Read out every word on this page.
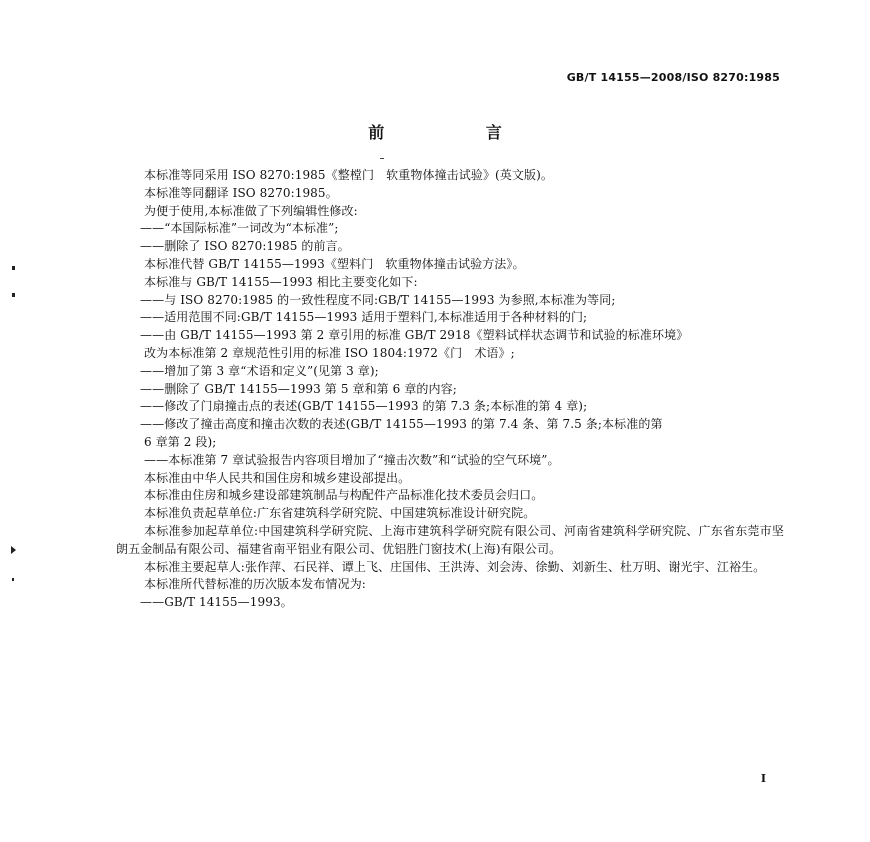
GB/T 14155—2008/ISO 8270:1985
前 言

本标准等同采用 ISO 8270:1985《整樘门　软重物体撞击试验》(英文版)。

本标准等同翻译 ISO 8270:1985。

为便于使用,本标准做了下列编辑性修改:

——“本国际标准”一词改为“本标准”;

——删除了 ISO 8270:1985 的前言。

本标准代替 GB/T 14155—1993《塑料门　软重物体撞击试验方法》。

本标准与 GB/T 14155—1993 相比主要变化如下:

——与 ISO 8270:1985 的一致性程度不同:GB/T 14155—1993 为参照,本标准为等同;

——适用范围不同:GB/T 14155—1993 适用于塑料门,本标准适用于各种材料的门;

——由 GB/T 14155—1993 第 2 章引用的标准 GB/T 2918《塑料试样状态调节和试验的标准环境》

改为本标准第 2 章规范性引用的标准 ISO 1804:1972《门　术语》;

——增加了第 3 章“术语和定义”(见第 3 章);

——删除了 GB/T 14155—1993 第 5 章和第 6 章的内容;

——修改了门扇撞击点的表述(GB/T 14155—1993 的第 7.3 条;本标准的第 4 章);

——修改了撞击高度和撞击次数的表述(GB/T 14155—1993 的第 7.4 条、第 7.5 条;本标准的第

6 章第 2 段);

——本标准第 7 章试验报告内容项目增加了“撞击次数”和“试验的空气环境”。

本标准由中华人民共和国住房和城乡建设部提出。

本标准由住房和城乡建设部建筑制品与构配件产品标准化技术委员会归口。

本标准负责起草单位:广东省建筑科学研究院、中国建筑标准设计研究院。

本标准参加起草单位:中国建筑科学研究院、上海市建筑科学研究院有限公司、河南省建筑科学研究院、广东省东莞市坚朗五金制品有限公司、福建省南平铝业有限公司、优铝胜门窗技术(上海)有限公司。

本标准主要起草人:张作萍、石民祥、谭上飞、庄国伟、王洪涛、刘会涛、徐勤、刘新生、杜万明、谢光宇、江裕生。

本标准所代替标准的历次版本发布情况为:

——GB/T 14155—1993。

I
